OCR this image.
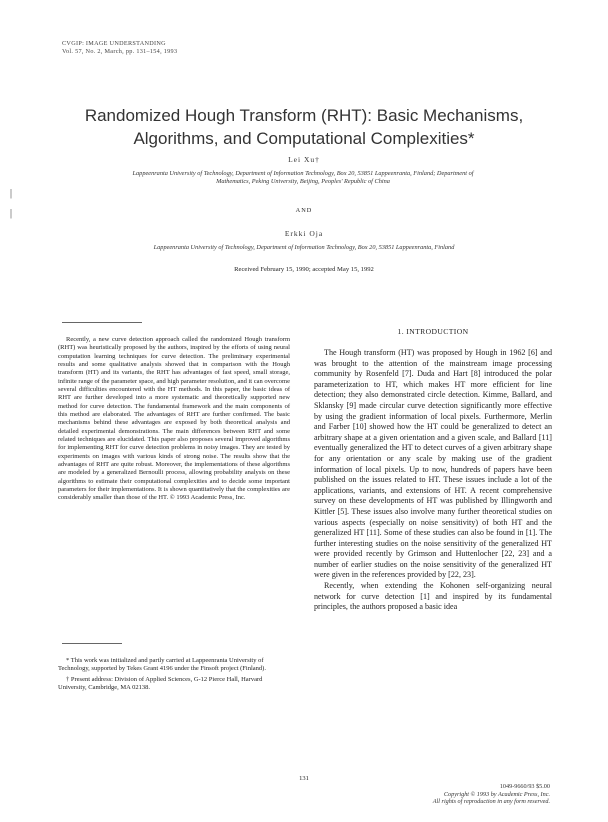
CVGIP: IMAGE UNDERSTANDING
Vol. 57, No. 2, March, pp. 131–154, 1993
|
|
Randomized Hough Transform (RHT): Basic Mechanisms,
Algorithms, and Computational Complexities*
Lei Xu†
Lappeenranta University of Technology, Department of Information Technology, Box 20, 53851 Lappeenranta, Finland; Department of
Mathematics, Peking University, Beijing, Peoples' Republic of China
AND
Erkki Oja
Lappeenranta University of Technology, Department of Information Technology, Box 20, 53851 Lappeenranta, Finland
Received February 15, 1990; accepted May 15, 1992

Recently, a new curve detection approach called the randomized Hough transform (RHT) was heuristically proposed by the authors, inspired by the efforts of using neural computation learning techniques for curve detection. The preliminary experimental results and some qualitative analysis showed that in comparison with the Hough transform (HT) and its variants, the RHT has advantages of fast speed, small storage, infinite range of the parameter space, and high parameter resolution, and it can overcome several difficulties encountered with the HT methods. In this paper, the basic ideas of RHT are further developed into a more systematic and theoretically supported new method for curve detection. The fundamental framework and the main components of this method are elaborated. The advantages of RHT are further confirmed. The basic mechanisms behind these advantages are exposed by both theoretical analysis and detailed experimental demonstrations. The main differences between RHT and some related techniques are elucidated. This paper also proposes several improved algorithms for implementing RHT for curve detection problems in noisy images. They are tested by experiments on images with various kinds of strong noise. The results show that the advantages of RHT are quite robust. Moreover, the implementations of these algorithms are modeled by a generalized Bernoulli process, allowing probability analysis on these algorithms to estimate their computational complexities and to decide some important parameters for their implementations. It is shown quantitatively that the complexities are considerably smaller than those of the HT. © 1993 Academic Press, Inc.

* This work was initialized and partly carried at Lappeenranta University of Technology, supported by Tekes Grant 4196 under the Finsoft project (Finland).

† Present address: Division of Applied Sciences, G-12 Pierce Hall, Harvard University, Cambridge, MA 02138.

1. INTRODUCTION

The Hough transform (HT) was proposed by Hough in 1962 [6] and was brought to the attention of the mainstream image processing community by Rosenfeld [7]. Duda and Hart [8] introduced the polar parameterization to HT, which makes HT more efficient for line detection; they also demonstrated circle detection. Kimme, Ballard, and Sklansky [9] made circular curve detection significantly more effective by using the gradient information of local pixels. Furthermore, Merlin and Farber [10] showed how the HT could be generalized to detect an arbitrary shape at a given orientation and a given scale, and Ballard [11] eventually generalized the HT to detect curves of a given arbitrary shape for any orientation or any scale by making use of the gradient information of local pixels. Up to now, hundreds of papers have been published on the issues related to HT. These issues include a lot of the applications, variants, and extensions of HT. A recent comprehensive survey on these developments of HT was published by Illingworth and Kittler [5]. These issues also involve many further theoretical studies on various aspects (especially on noise sensitivity) of both HT and the generalized HT [11]. Some of these studies can also be found in [1]. The further interesting studies on the noise sensitivity of the generalized HT were provided recently by Grimson and Huttenlocher [22, 23] and a number of earlier studies on the noise sensitivity of the generalized HT were given in the references provided by [22, 23].

Recently, when extending the Kohonen self-organizing neural network for curve detection [1] and inspired by its fundamental principles, the authors proposed a basic idea

131
1049-9660/93 $5.00
Copyright © 1993 by Academic Press, Inc.
All rights of reproduction in any form reserved.
